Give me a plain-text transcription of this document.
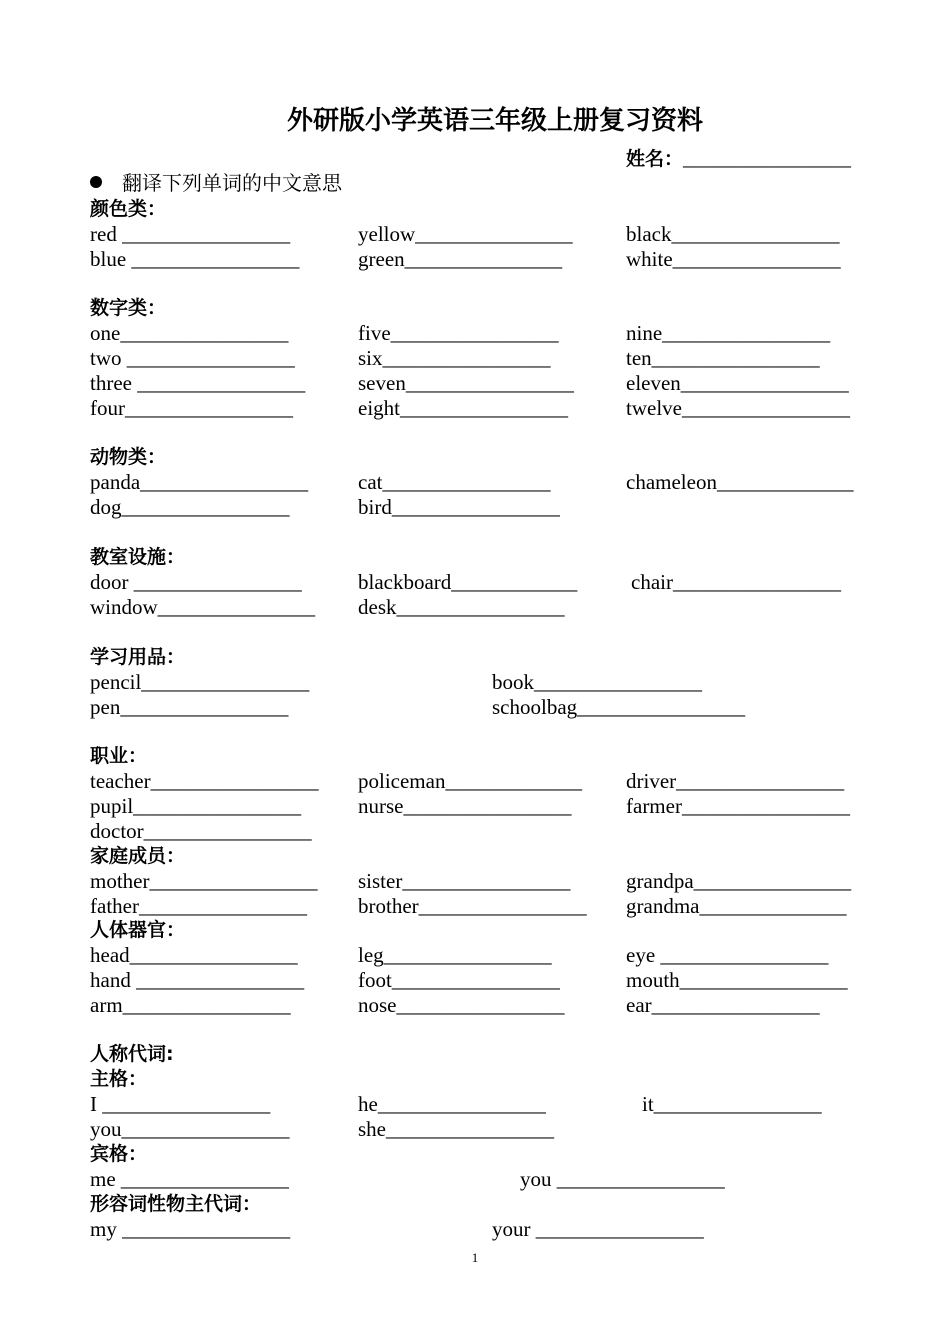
外研版小学英语三年级上册复习资料
姓名：________________
翻译下列单词的中文意思
颜色类：
red ________________	yellow_______________	black________________
blue ________________	green_______________	white________________
数字类：
one________________	five________________	nine________________
two ________________	six________________	ten________________
three ________________	seven________________ eleven________________
four________________	eight________________	twelve________________
动物类：
panda________________ cat________________	chameleon_____________
dog________________	bird________________
教室设施：
door ________________	blackboard____________	chair________________
window_______________ desk________________
学习用品：
pencil________________	book________________
pen________________	schoolbag________________
职业：
teacher________________ policeman_____________ driver________________
pupil________________	nurse________________	farmer________________
doctor________________
家庭成员：
mother________________ sister________________	grandpa_______________
father________________ brother________________ grandma______________
人体器官：
head________________	leg________________	eye ________________
hand ________________	foot________________	mouth________________
arm________________	nose________________	ear________________
人称代词:
主格：
I ________________	he________________	it________________
you________________	she________________
宾格：
me ________________	you ________________
形容词性物主代词：
my ________________	your ________________
1
